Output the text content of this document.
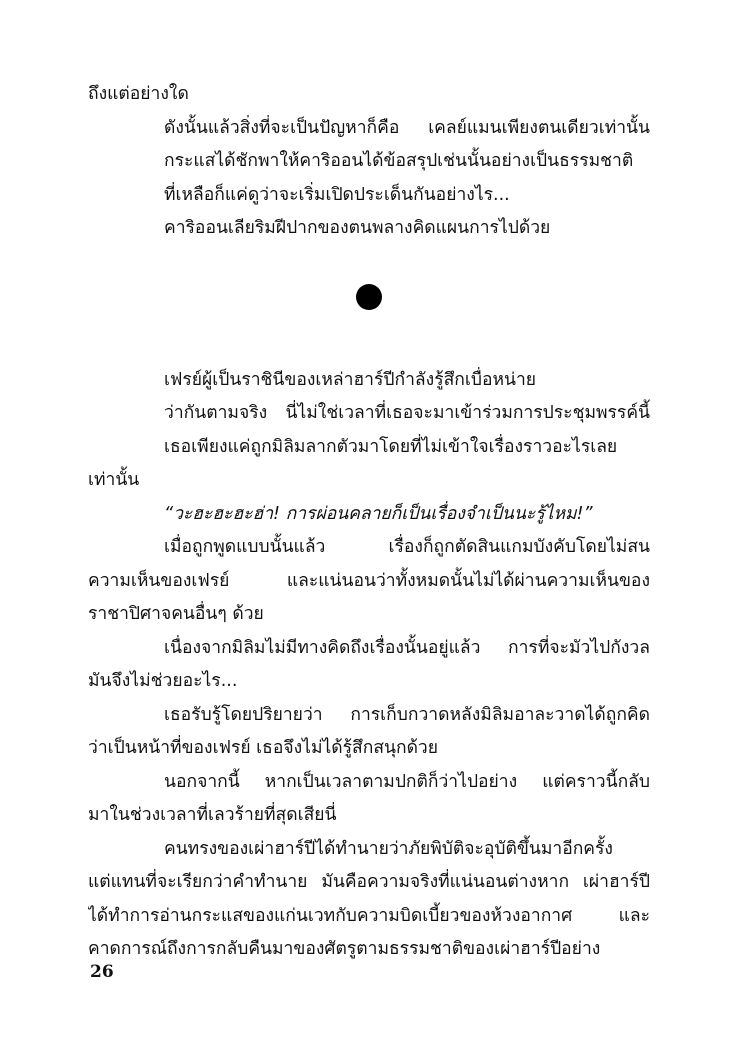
ถึงแต่อย่างใด
ดังนั้นแล้วสิ่งที่จะเป็นปัญหาก็คือ เคลย์แมนเพียงตนเดียวเท่านั้น
กระแสได้ชักพาให้คาริออนได้ข้อสรุปเช่นนั้นอย่างเป็นธรรมชาติ
ที่เหลือก็แค่ดูว่าจะเริ่มเปิดประเด็นกันอย่างไร...
คาริออนเลียริมฝีปากของตนพลางคิดแผนการไปด้วย
เฟรย์ผู้เป็นราชินีของเหล่าฮาร์ปีกำลังรู้สึกเบื่อหน่าย
ว่ากันตามจริง นี่ไม่ใช่เวลาที่เธอจะมาเข้าร่วมการประชุมพรรค์นี้
เธอเพียงแค่ถูกมิลิมลากตัวมาโดยที่ไม่เข้าใจเรื่องราวอะไรเลย
เท่านั้น
“วะฮะฮะฮะฮ่า! การผ่อนคลายก็เป็นเรื่องจำเป็นนะรู้ไหม!”
เมื่อถูกพูดแบบนั้นแล้ว เรื่องก็ถูกตัดสินแกมบังคับโดยไม่สน
ความเห็นของเฟรย์ และแน่นอนว่าทั้งหมดนั้นไม่ได้ผ่านความเห็นของ
ราชาปิศาจคนอื่นๆ ด้วย
เนื่องจากมิลิมไม่มีทางคิดถึงเรื่องนั้นอยู่แล้ว การที่จะมัวไปกังวล
มันจึงไม่ช่วยอะไร...
เธอรับรู้โดยปริยายว่า การเก็บกวาดหลังมิลิมอาละวาดได้ถูกคิด
ว่าเป็นหน้าที่ของเฟรย์ เธอจึงไม่ได้รู้สึกสนุกด้วย
นอกจากนี้ หากเป็นเวลาตามปกติก็ว่าไปอย่าง แต่คราวนี้กลับ
มาในช่วงเวลาที่เลวร้ายที่สุดเสียนี่
คนทรงของเผ่าฮาร์ปีได้ทำนายว่าภัยพิบัติจะอุบัติขึ้นมาอีกครั้ง
แต่แทนที่จะเรียกว่าคำทำนาย มันคือความจริงที่แน่นอนต่างหาก เผ่าฮาร์ปี
ได้ทำการอ่านกระแสของแก่นเวทกับความบิดเบี้ยวของห้วงอากาศ และ
คาดการณ์ถึงการกลับคืนมาของศัตรูตามธรรมชาติของเผ่าฮาร์ปีอย่าง
26
